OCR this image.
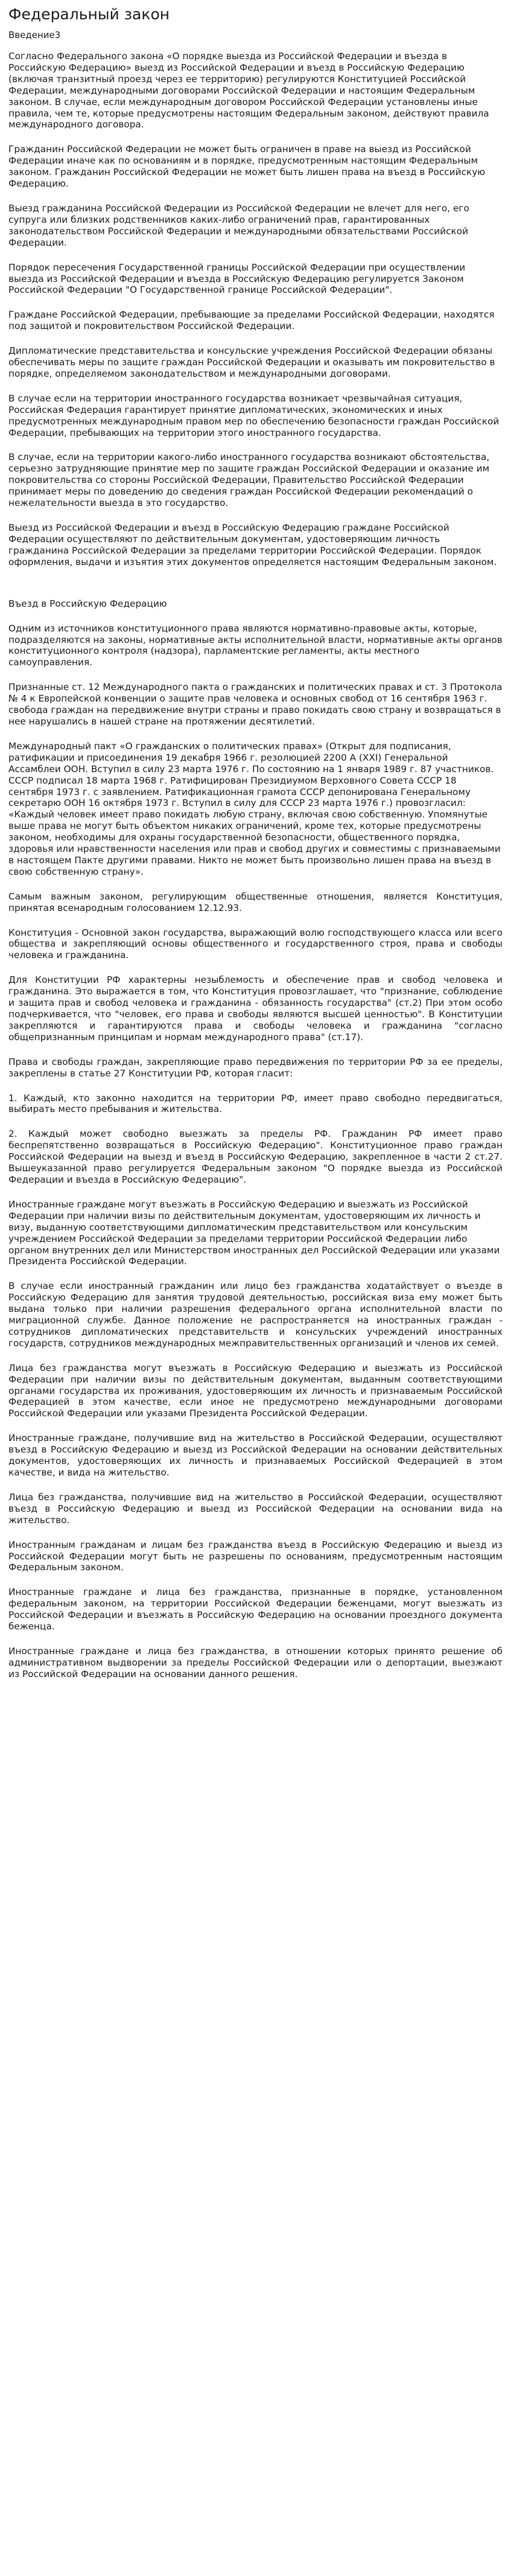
Федеральный закон
Введение3

Согласно Федерального закона «О порядке выезда из Российской Федерации и въезда в Российскую Федерацию» выезд из Российской Федерации и въезд в Российскую Федерацию (включая транзитный проезд через ее территорию) регулируются Конституцией Российской Федерации, международными договорами Российской Федерации и настоящим Федеральным законом. В случае, если международным договором Российской Федерации установлены иные правила, чем те, которые предусмотрены настоящим Федеральным законом, действуют правила международного договора.

Гражданин Российской Федерации не может быть ограничен в праве на выезд из Российской Федерации иначе как по основаниям и в порядке, предусмотренным настоящим Федеральным законом. Гражданин Российской Федерации не может быть лишен права на въезд в Российскую Федерацию.

Выезд гражданина Российской Федерации из Российской Федерации не влечет для него, его супруга или близких родственников каких-либо ограничений прав, гарантированных законодательством Российской Федерации и международными обязательствами Российской Федерации.

Порядок пересечения Государственной границы Российской Федерации при осуществлении выезда из Российской Федерации и въезда в Российскую Федерацию регулируется Законом Российской Федерации "О Государственной границе Российской Федерации".

Граждане Российской Федерации, пребывающие за пределами Российской Федерации, находятся под защитой и покровительством Российской Федерации.

Дипломатические представительства и консульские учреждения Российской Федерации обязаны обеспечивать меры по защите граждан Российской Федерации и оказывать им покровительство в порядке, определяемом законодательством и международными договорами.

В случае если на территории иностранного государства возникает чрезвычайная ситуация, Российская Федерация гарантирует принятие дипломатических, экономических и иных предусмотренных международным правом мер по обеспечению безопасности граждан Российской Федерации, пребывающих на территории этого иностранного государства.

В случае, если на территории какого-либо иностранного государства возникают обстоятельства, серьезно затрудняющие принятие мер по защите граждан Российской Федерации и оказание им покровительства со стороны Российской Федерации, Правительство Российской Федерации принимает меры по доведению до сведения граждан Российской Федерации рекомендаций о нежелательности выезда в это государство.

Выезд из Российской Федерации и въезд в Российскую Федерацию граждане Российской Федерации осуществляют по действительным документам, удостоверяющим личность гражданина Российской Федерации за пределами территории Российской Федерации. Порядок оформления, выдачи и изъятия этих документов определяется настоящим Федеральным законом.

Въезд в Российскую Федерацию

Одним из источников конституционного права являются нормативно-правовые акты, которые, подразделяются на законы, нормативные акты исполнительной власти, нормативные акты органов конституционного контроля (надзора), парламентские регламенты, акты местного самоуправления.

Признанные ст. 12 Международного пакта о гражданских и политических правах и ст. 3 Протокола № 4 к Европейской конвенции о защите прав человека и основных свобод от 16 сентября 1963 г. свобода граждан на передвижение внутри страны и право покидать свою страну и возвращаться в нее нарушались в нашей стране на протяжении десятилетий.

Международный пакт «О гражданских о политических правах» (Открыт для подписания, ратификации и присоединения 19 декабря 1966 г. резолюцией 2200 А (XXI) Генеральной Ассамблеи ООН. Вступил в силу 23 марта 1976 г. По состоянию на 1 января 1989 г. 87 участников. СССР подписал 18 марта 1968 г. Ратифицирован Президиумом Верховного Совета СССР 18 сентября 1973 г. с заявлением. Ратификационная грамота СССР депонирована Генеральному секретарю ООН 16 октября 1973 г. Вступил в силу для СССР 23 марта 1976 г.) провозгласил: «Каждый человек имеет право покидать любую страну, включая свою собственную. Упомянутые выше права не могут быть объектом никаких ограничений, кроме тех, которые предусмотрены законом, необходимы для охраны государственной безопасности, общественного порядка, здоровья или нравственности населения или прав и свобод других и совместимы с признаваемыми в настоящем Пакте другими правами. Никто не может быть произвольно лишен права на въезд в свою собственную страну».

Самым важным законом, регулирующим общественные отношения, является Конституция, принятая всенародным голосованием 12.12.93.

Конституция - Основной закон государства, выражающий волю господствующего класса или всего общества и закрепляющий основы общественного и государственного строя, права и свободы человека и гражданина.

Для Конституции РФ характерны незыблемость и обеспечение прав и свобод человека и гражданина. Это выражается в том, что Конституция провозглашает, что "признание, соблюдение и защита прав и свобод человека и гражданина - обязанность государства" (ст.2) При этом особо подчеркивается, что "человек, его права и свободы являются высшей ценностью". В Конституции закрепляются и гарантируются права и свободы человека и гражданина "согласно общепризнанным принципам и нормам международного права" (ст.17).

Права и свободы граждан, закрепляющие право передвижения по территории РФ за ее пределы, закреплены в статье 27 Конституции РФ, которая гласит:

1. Каждый, кто законно находится на территории РФ, имеет право свободно передвигаться, выбирать место пребывания и жительства.

2. Каждый может свободно выезжать за пределы РФ. Гражданин РФ имеет право беспрепятственно возвращаться в Российскую Федерацию". Конституционное право граждан Российской Федерации на выезд и въезд в Российскую Федерацию, закрепленное в части 2 ст.27. Вышеуказанной право регулируется Федеральным законом "О порядке выезда из Российской Федерации и въезда в Российскую Федерацию".

Иностранные граждане могут въезжать в Российскую Федерацию и выезжать из Российской Федерации при наличии визы по действительным документам, удостоверяющим их личность и визу, выданную соответствующими дипломатическим представительством или консульским учреждением Российской Федерации за пределами территории Российской Федерации либо органом внутренних дел или Министерством иностранных дел Российской Федерации или указами Президента Российской Федерации.

В случае если иностранный гражданин или лицо без гражданства ходатайствует о въезде в Российскую Федерацию для занятия трудовой деятельностью, российская виза ему может быть выдана только при наличии разрешения федерального органа исполнительной власти по миграционной службе. Данное положение не распространяется на иностранных граждан - сотрудников дипломатических представительств и консульских учреждений иностранных государств, сотрудников международных межправительственных организаций и членов их семей.

Лица без гражданства могут въезжать в Российскую Федерацию и выезжать из Российской Федерации при наличии визы по действительным документам, выданным соответствующими органами государства их проживания, удостоверяющим их личность и признаваемым Российской Федерацией в этом качестве, если иное не предусмотрено международными договорами Российской Федерации или указами Президента Российской Федерации.

Иностранные граждане, получившие вид на жительство в Российской Федерации, осуществляют въезд в Российскую Федерацию и выезд из Российской Федерации на основании действительных документов, удостоверяющих их личность и признаваемых Российской Федерацией в этом качестве, и вида на жительство.

Лица без гражданства, получившие вид на жительство в Российской Федерации, осуществляют въезд в Российскую Федерацию и выезд из Российской Федерации на основании вида на жительство.

Иностранным гражданам и лицам без гражданства въезд в Российскую Федерацию и выезд из Российской Федерации могут быть не разрешены по основаниям, предусмотренным настоящим Федеральным законом.

Иностранные граждане и лица без гражданства, признанные в порядке, установленном федеральным законом, на территории Российской Федерации беженцами, могут выезжать из Российской Федерации и въезжать в Российскую Федерацию на основании проездного документа беженца.

Иностранные граждане и лица без гражданства, в отношении которых принято решение об административном выдворении за пределы Российской Федерации или о депортации, выезжают из Российской Федерации на основании данного решения.
